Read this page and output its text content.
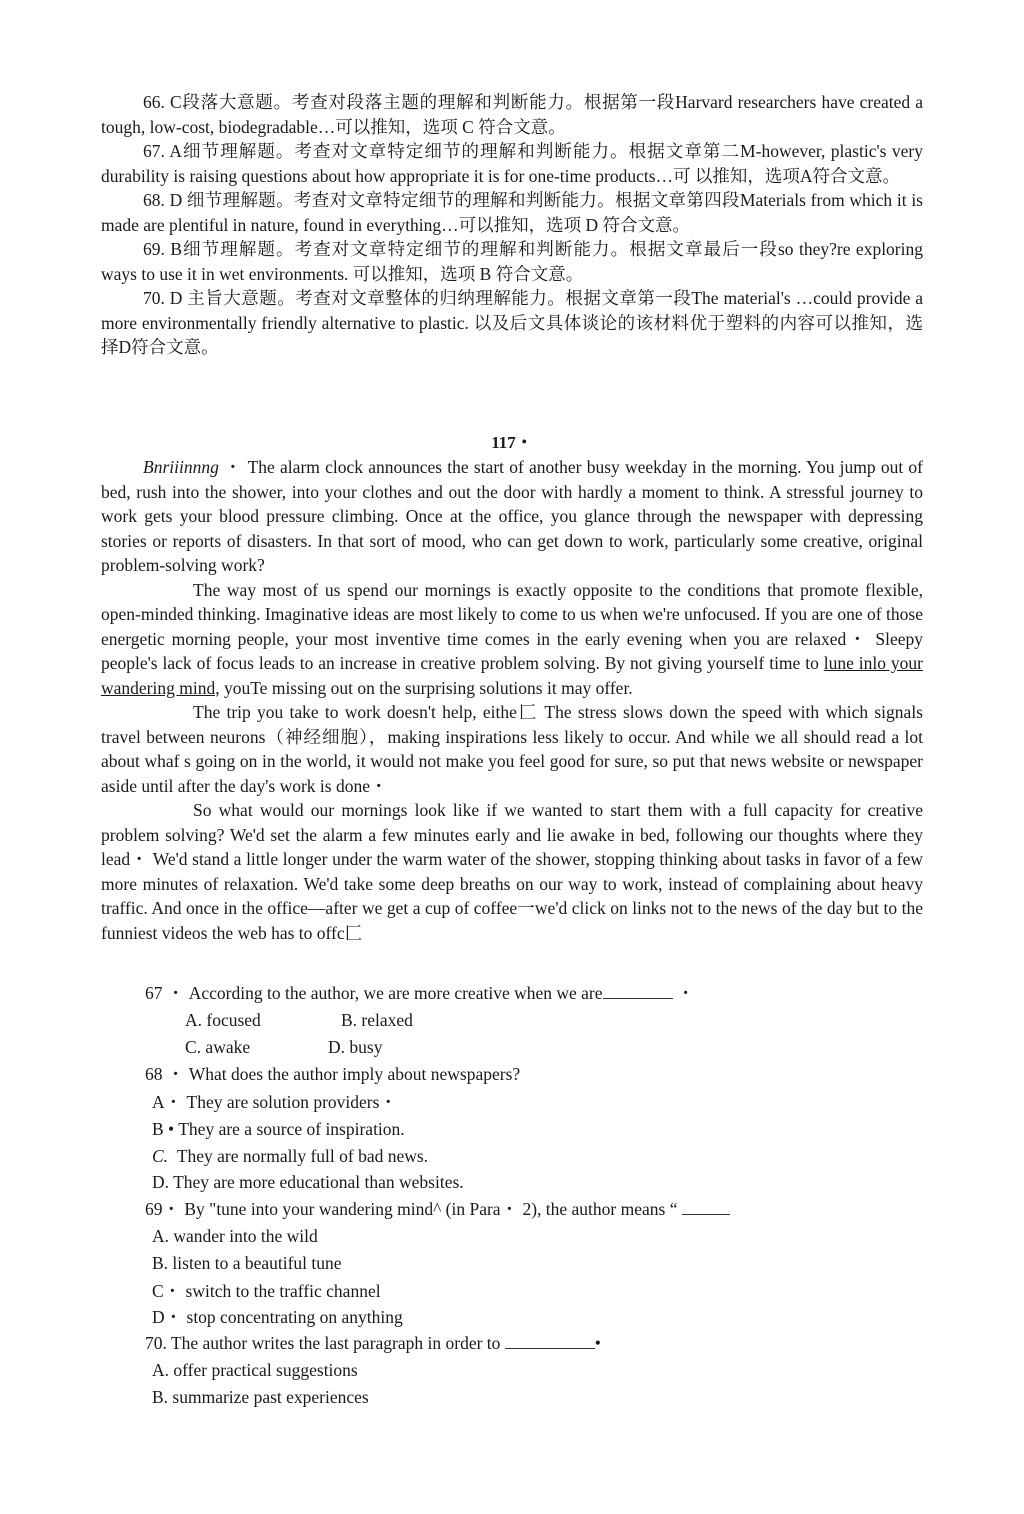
66. C段落大意题。考查对段落主题的理解和判断能力。根据第一段Harvard researchers have created a tough, low-cost, biodegradable…可以推知，选项 C 符合文意。

67. A细节理解题。考查对文章特定细节的理解和判断能力。根据文章第二M-however, plastic's very durability is raising questions about how appropriate it is for one-time products…可 以推知，选项A符合文意。

68. D 细节理解题。考查对文章特定细节的理解和判断能力。根据文章第四段Materials from which it is made are plentiful in nature, found in everything…可以推知，选项 D 符合文意。

69. B细节理解题。考查对文章特定细节的理解和判断能力。根据文章最后一段so they?re exploring ways to use it in wet environments. 可以推知，选项 B 符合文意。

70. D 主旨大意题。考查对文章整体的归纳理解能力。根据文章第一段The material's …could provide a more environmentally friendly alternative to plastic. 以及后文具体谈论的该材料优于塑料的内容可以推知，选择D符合文意。

117・

Bnriiinnng ・ The alarm clock announces the start of another busy weekday in the morning. You jump out of bed, rush into the shower, into your clothes and out the door with hardly a moment to think. A stressful journey to work gets your blood pressure climbing. Once at the office, you glance through the newspaper with depressing stories or reports of disasters. In that sort of mood, who can get down to work, particularly some creative, original problem-solving work?

The way most of us spend our mornings is exactly opposite to the conditions that promote flexible, open-minded thinking. Imaginative ideas are most likely to come to us when we're unfocused. If you are one of those energetic morning people, your most inventive time comes in the early evening when you are relaxed・ Sleepy people's lack of focus leads to an increase in creative problem solving. By not giving yourself time to lune inlo your wandering mind, youTe missing out on the surprising solutions it may offer.

The trip you take to work doesn't help, eithe匚 The stress slows down the speed with which signals travel between neurons（神经细胞），making inspirations less likely to occur. And while we all should read a lot about whaf s going on in the world, it would not make you feel good for sure, so put that news website or newspaper aside until after the day's work is done・

So what would our mornings look like if we wanted to start them with a full capacity for creative problem solving? We'd set the alarm a few minutes early and lie awake in bed, following our thoughts where they lead・ We'd stand a little longer under the warm water of the shower, stopping thinking about tasks in favor of a few more minutes of relaxation. We'd take some deep breaths on our way to work, instead of complaining about heavy traffic. And once in the office—after we get a cup of coffee一we'd click on links not to the news of the day but to the funniest videos the web has to offc匚

67 ・ According to the author, we are more creative when we are	・

A. focused	B. relaxed

C. awake	D. busy

68 ・ What does the author imply about newspapers?

A・ They are solution providers・

B • They are a source of inspiration.

C. They are normally full of bad news.

D. They are more educational than websites.

69・ By "tune into your wandering mind^ (in Para・ 2), the author means “

A. wander into the wild

B. listen to a beautiful tune

C・ switch to the traffic channel

D・ stop concentrating on anything

70. The author writes the last paragraph in order to	•

A. offer practical suggestions

B. summarize past experiences
